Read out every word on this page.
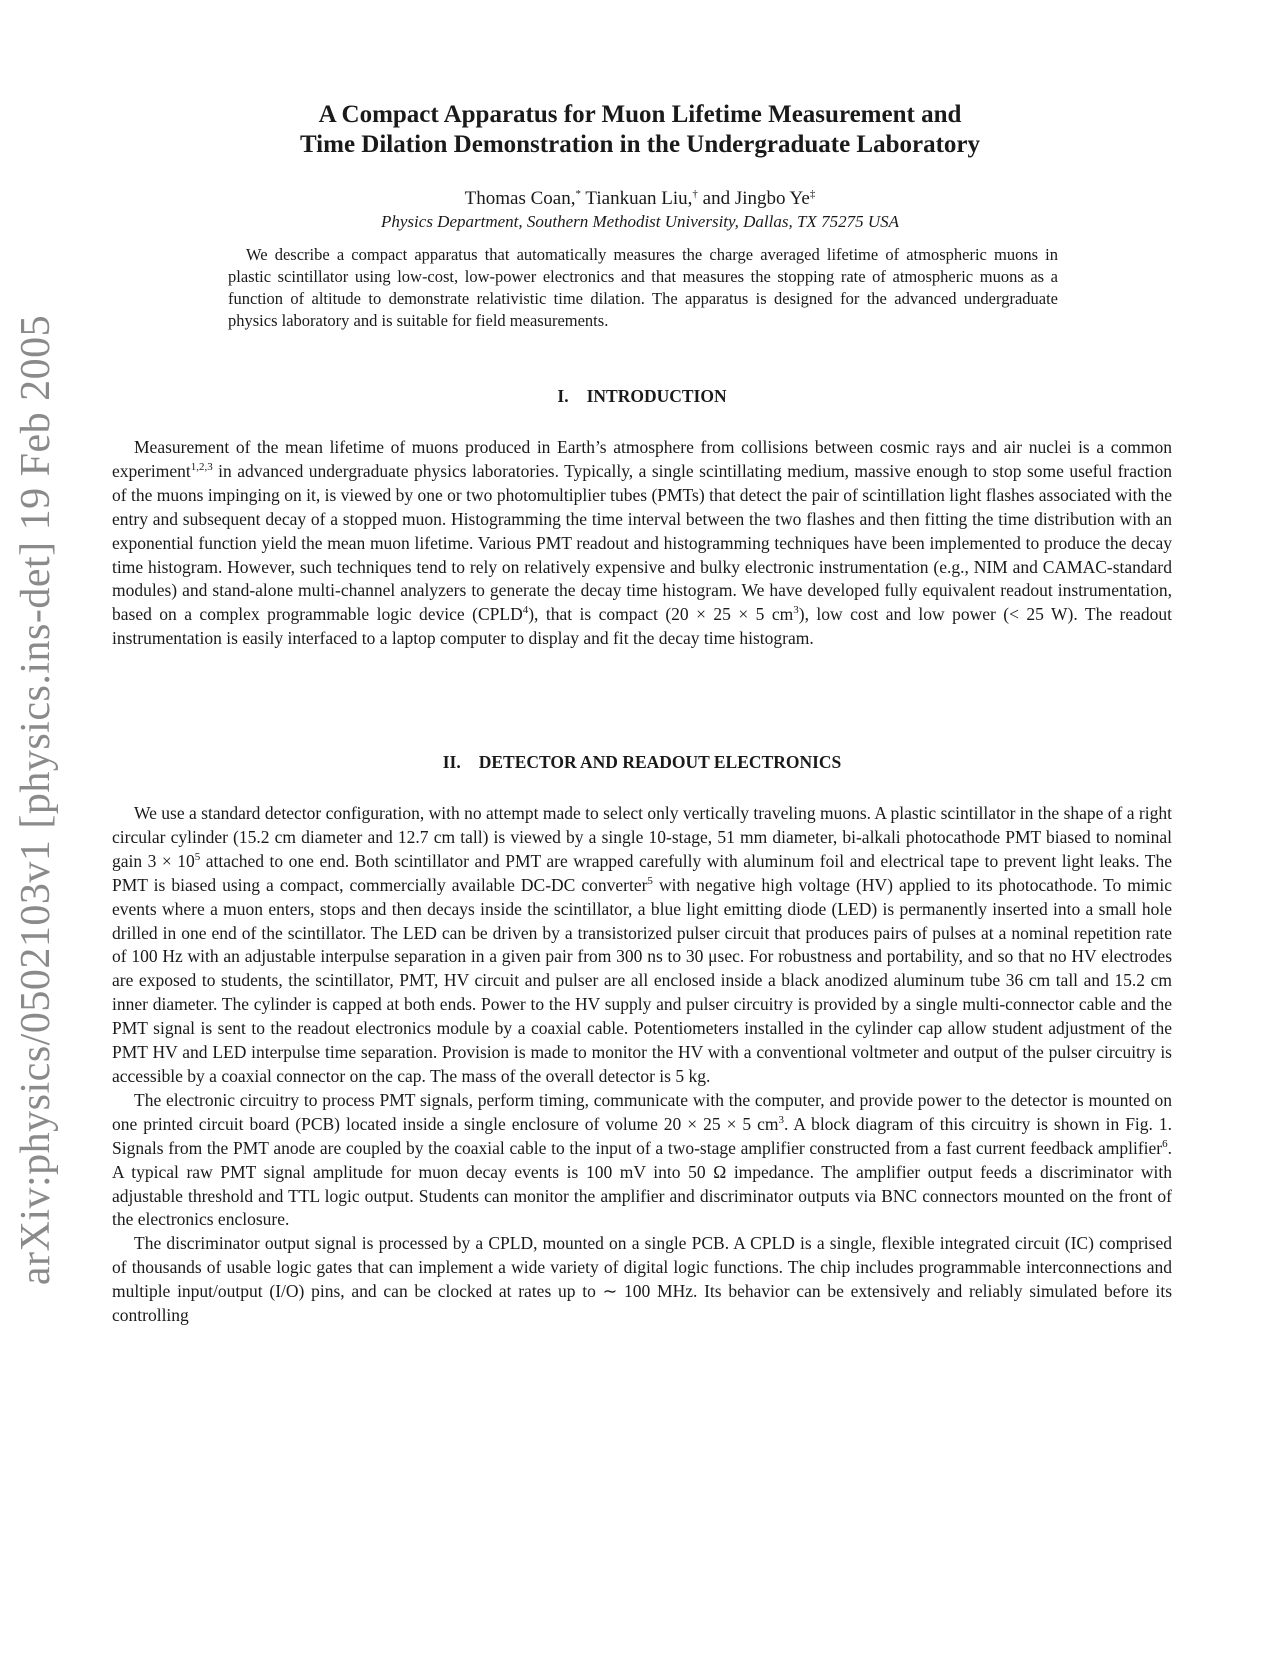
arXiv:physics/0502103v1 [physics.ins-det] 19 Feb 2005
A Compact Apparatus for Muon Lifetime Measurement and
Time Dilation Demonstration in the Undergraduate Laboratory
Thomas Coan,* Tiankuan Liu,† and Jingbo Ye‡
Physics Department, Southern Methodist University, Dallas, TX 75275 USA
We describe a compact apparatus that automatically measures the charge averaged lifetime of atmospheric muons in plastic scintillator using low-cost, low-power electronics and that measures the stopping rate of atmospheric muons as a function of altitude to demonstrate relativistic time dilation. The apparatus is designed for the advanced undergraduate physics laboratory and is suitable for field measurements.
I. INTRODUCTION

Measurement of the mean lifetime of muons produced in Earth’s atmosphere from collisions between cosmic rays and air nuclei is a common experiment$^{1,2,3}$ in advanced undergraduate physics laboratories. Typically, a single scintillating medium, massive enough to stop some useful fraction of the muons impinging on it, is viewed by one or two photomultiplier tubes (PMTs) that detect the pair of scintillation light flashes associated with the entry and subsequent decay of a stopped muon. Histogramming the time interval between the two flashes and then fitting the time distribution with an exponential function yield the mean muon lifetime. Various PMT readout and histogramming techniques have been implemented to produce the decay time histogram. However, such techniques tend to rely on relatively expensive and bulky electronic instrumentation (e.g., NIM and CAMAC-standard modules) and stand-alone multi-channel analyzers to generate the decay time histogram. We have developed fully equivalent readout instrumentation, based on a complex programmable logic device (CPLD$^4$), that is compact (20 × 25 × 5 $cm^3$), low cost and low power (< 25 W). The readout instrumentation is easily interfaced to a laptop computer to display and fit the decay time histogram.

II. DETECTOR AND READOUT ELECTRONICS

We use a standard detector configuration, with no attempt made to select only vertically traveling muons. A plastic scintillator in the shape of a right circular cylinder (15.2 cm diameter and 12.7 cm tall) is viewed by a single 10-stage, 51 mm diameter, bi-alkali photocathode PMT biased to nominal gain $3 \times 10^5$ attached to one end. Both scintillator and PMT are wrapped carefully with aluminum foil and electrical tape to prevent light leaks. The PMT is biased using a compact, commercially available DC-DC converter$^5$ with negative high voltage (HV) applied to its photocathode. To mimic events where a muon enters, stops and then decays inside the scintillator, a blue light emitting diode (LED) is permanently inserted into a small hole drilled in one end of the scintillator. The LED can be driven by a transistorized pulser circuit that produces pairs of pulses at a nominal repetition rate of 100 Hz with an adjustable interpulse separation in a given pair from 300 ns to 30 μsec. For robustness and portability, and so that no HV electrodes are exposed to students, the scintillator, PMT, HV circuit and pulser are all enclosed inside a black anodized aluminum tube 36 cm tall and 15.2 cm inner diameter. The cylinder is capped at both ends. Power to the HV supply and pulser circuitry is provided by a single multi-connector cable and the PMT signal is sent to the readout electronics module by a coaxial cable. Potentiometers installed in the cylinder cap allow student adjustment of the PMT HV and LED interpulse time separation. Provision is made to monitor the HV with a conventional voltmeter and output of the pulser circuitry is accessible by a coaxial connector on the cap. The mass of the overall detector is 5 kg.

The electronic circuitry to process PMT signals, perform timing, communicate with the computer, and provide power to the detector is mounted on one printed circuit board (PCB) located inside a single enclosure of volume 20 × 25 × 5 $cm^3$. A block diagram of this circuitry is shown in Fig. 1. Signals from the PMT anode are coupled by the coaxial cable to the input of a two-stage amplifier constructed from a fast current feedback amplifier$^6$. A typical raw PMT signal amplitude for muon decay events is 100 mV into 50 Ω impedance. The amplifier output feeds a discriminator with adjustable threshold and TTL logic output. Students can monitor the amplifier and discriminator outputs via BNC connectors mounted on the front of the electronics enclosure.

The discriminator output signal is processed by a CPLD, mounted on a single PCB. A CPLD is a single, flexible integrated circuit (IC) comprised of thousands of usable logic gates that can implement a wide variety of digital logic functions. The chip includes programmable interconnections and multiple input/output (I/O) pins, and can be clocked at rates up to ∼ 100 MHz. Its behavior can be extensively and reliably simulated before its controlling
